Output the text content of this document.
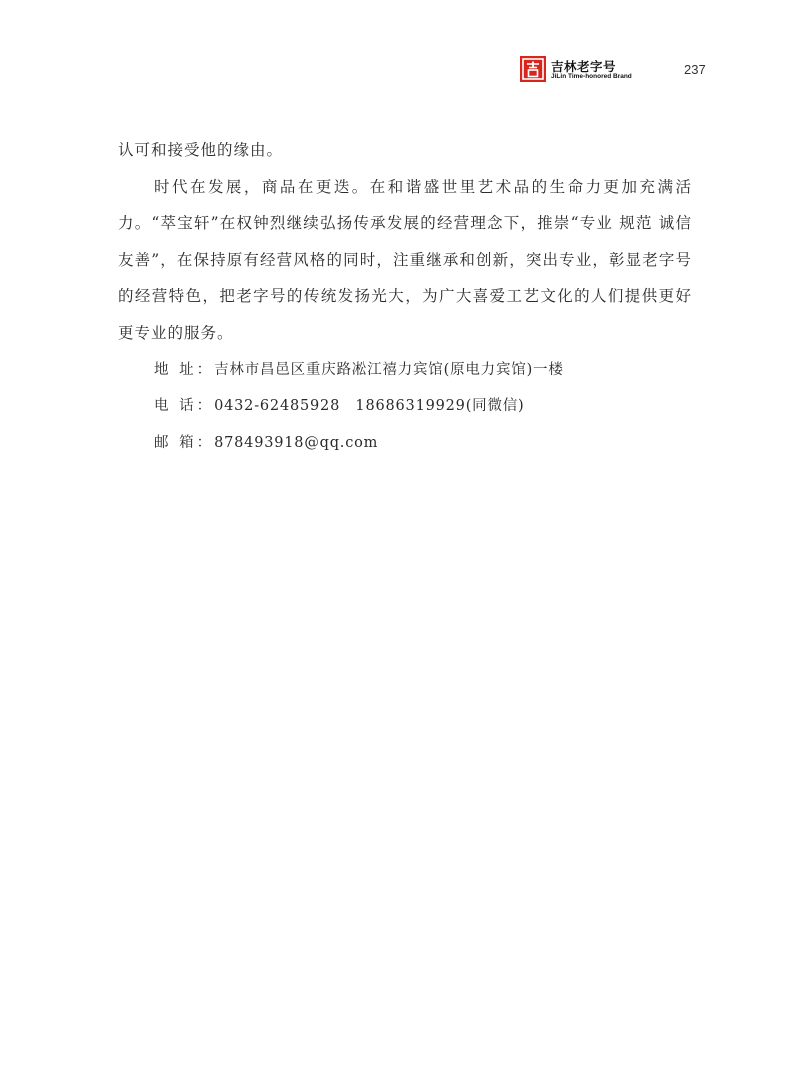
吉林老字号
JiLin Time-honored Brand	237

认可和接受他的缘由。

时代在发展，商品在更迭。在和谐盛世里艺术品的生命力更加充满活力。“萃宝轩”在权钟烈继续弘扬传承发展的经营理念下，推崇“专业 规范 诚信 友善”，在保持原有经营风格的同时，注重继承和创新，突出专业，彰显老字号的经营特色，把老字号的传统发扬光大，为广大喜爱工艺文化的人们提供更好更专业的服务。

地 址：吉林市昌邑区重庆路凇江禧力宾馆(原电力宾馆)一楼

电 话：0432-62485928　18686319929(同微信)

邮 箱：878493918@qq.com
